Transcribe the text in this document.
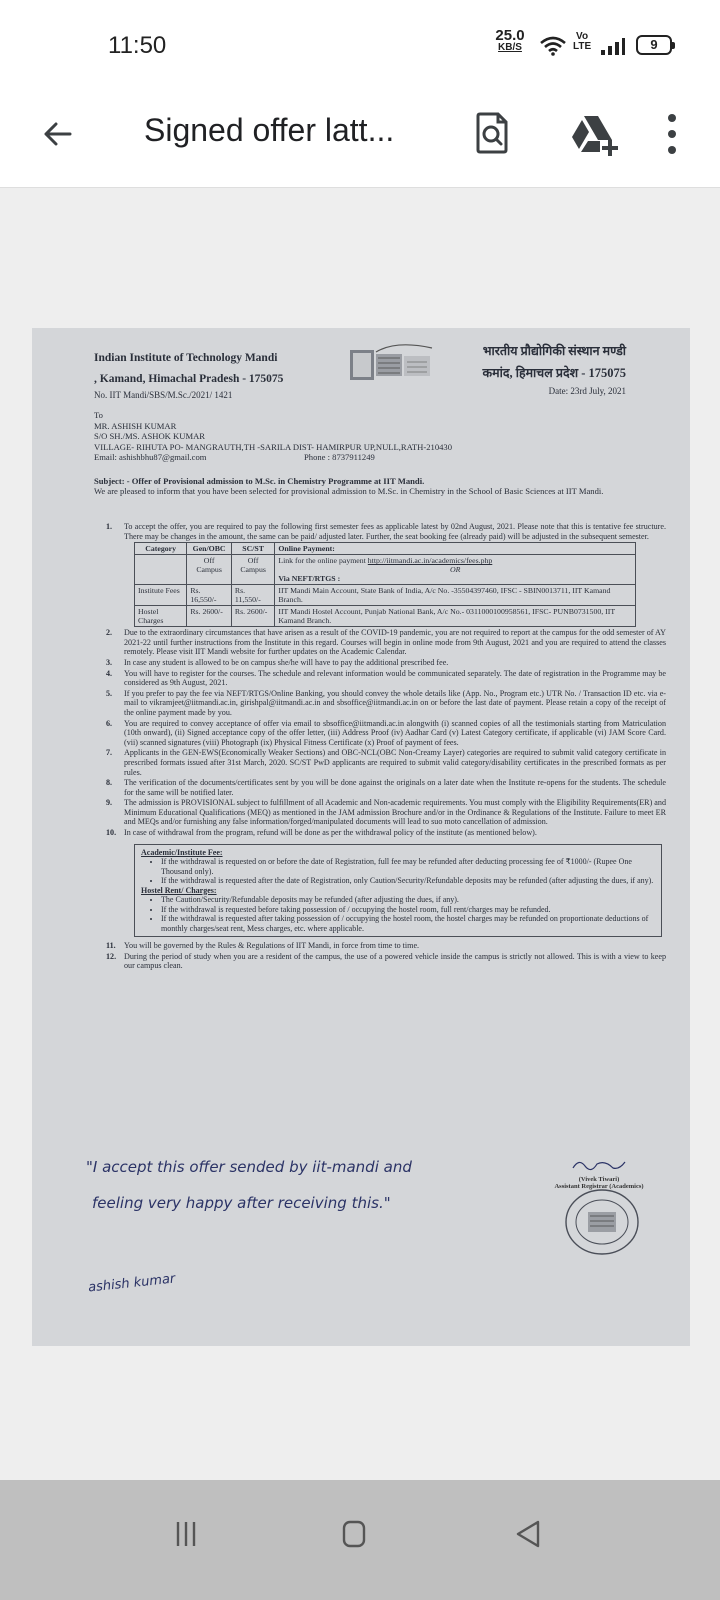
11:50	25.0
KB/S
Vo
LTE	9
Signed offer latt...
Indian Institute of Technology Mandi
, Kamand, Himachal Pradesh - 175075
भारतीय प्रौद्योगिकी संस्थान मण्डी
कमांद, हिमाचल प्रदेश - 175075
No. IIT Mandi/SBS/M.Sc./2021/ 1421	Date: 23rd July, 2021
To
MR. ASHISH KUMAR
S/O SH./MS. ASHOK KUMAR
VILLAGE- RIHUTA PO- MANGRAUTH,TH -SARILA DIST- HAMIRPUR UP,NULL,RATH-210430
Email: ashishbhu87@gmail.com	Phone : 8737911249
Subject: - Offer of Provisional admission to M.Sc. in Chemistry Programme at IIT Mandi.
We are pleased to inform that you have been selected for provisional admission to M.Sc. in Chemistry in the School of Basic Sciences at IIT Mandi.
1.	To accept the offer, you are required to pay the following first semester fees as applicable latest by 02nd August, 2021. Please note that this is tentative fee structure. There may be changes in the amount, the same can be paid/ adjusted later. Further, the seat booking fee (already paid) will be adjusted in the subsequent semester.
Category	Gen/OBC	SC/ST	Online Payment:
	Off Campus	Off Campus	Link for the online payment http://iitmandi.ac.in/academics/fees.php
OR
Via NEFT/RTGS :

Institute Fees	Rs. 16,550/-	Rs. 11,550/-	IIT Mandi Main Account, State Bank of India, A/c No. -35504397460, IFSC - SBIN0013711, IIT Kamand Branch.
Hostel Charges	Rs. 2600/-	Rs. 2600/-	IIT Mandi Hostel Account, Punjab National Bank, A/c No.- 0311000100958561, IFSC- PUNB0731500, IIT Kamand Branch.
2.	Due to the extraordinary circumstances that have arisen as a result of the COVID-19 pandemic, you are not required to report at the campus for the odd semester of AY 2021-22 until further instructions from the Institute in this regard. Courses will begin in online mode from 9th August, 2021 and you are required to attend the classes remotely. Please visit IIT Mandi website for further updates on the Academic Calendar.
3.	In case any student is allowed to be on campus she/he will have to pay the additional prescribed fee.
4.	You will have to register for the courses. The schedule and relevant information would be communicated separately. The date of registration in the Programme may be considered as 9th August, 2021.
5.	If you prefer to pay the fee via NEFT/RTGS/Online Banking, you should convey the whole details like (App. No., Program etc.) UTR No. / Transaction ID etc. via e-mail to vikramjeet@iitmandi.ac.in, girishpal@iitmandi.ac.in and sbsoffice@iitmandi.ac.in on or before the last date of payment. Please retain a copy of the receipt of the online payment made by you.
6.	You are required to convey acceptance of offer via email to sbsoffice@iitmandi.ac.in alongwith (i) scanned copies of all the testimonials starting from Matriculation (10th onward), (ii) Signed acceptance copy of the offer letter, (iii) Address Proof (iv) Aadhar Card (v) Latest Category certificate, if applicable (vi) JAM Score Card. (vii) scanned signatures (viii) Photograph (ix) Physical Fitness Certificate (x) Proof of payment of fees.
7.	Applicants in the GEN-EWS(Economically Weaker Sections) and OBC-NCL(OBC Non-Creamy Layer) categories are required to submit valid category certificate in prescribed formats issued after 31st March, 2020. SC/ST PwD applicants are required to submit valid category/disability certificates in the prescribed formats as per rules.
8.	The verification of the documents/certificates sent by you will be done against the originals on a later date when the Institute re-opens for the students. The schedule for the same will be notified later.
9.	The admission is PROVISIONAL subject to fulfillment of all Academic and Non-academic requirements. You must comply with the Eligibility Requirements(ER) and Minimum Educational Qualifications (MEQ) as mentioned in the JAM admission Brochure and/or in the Ordinance & Regulations of the Institute. Failure to meet ER and MEQs and/or furnishing any false information/forged/manipulated documents will lead to suo moto cancellation of admission.
10. In case of withdrawal from the program, refund will be done as per the withdrawal policy of the institute (as mentioned below).
Academic/Institute Fee:
• If the withdrawal is requested on or before the date of Registration, full fee may be refunded after deducting processing fee of ₹1000/- (Rupee One Thousand only).
• If the withdrawal is requested after the date of Registration, only Caution/Security/Refundable deposits may be refunded (after adjusting the dues, if any).
Hostel Rent/ Charges:
• The Caution/Security/Refundable deposits may be refunded (after adjusting the dues, if any).
• If the withdrawal is requested before taking possession of / occupying the hostel room, full rent/charges may be refunded.
• If the withdrawal is requested after taking possession of / occupying the hostel room, the hostel charges may be refunded on proportionate deductions of monthly charges/seat rent, Mess charges, etc. where applicable.
11.	You will be governed by the Rules & Regulations of IIT Mandi, in force from time to time.
12. During the period of study when you are a resident of the campus, the use of a powered vehicle inside the campus is strictly not allowed. This is with a view to keep our campus clean.
"I accept this offer sended by iit-mandi and
feeling very happy after receiving this."
ashish kumar
(Vivek Tiwari)
Assistant Registrar (Academics)
